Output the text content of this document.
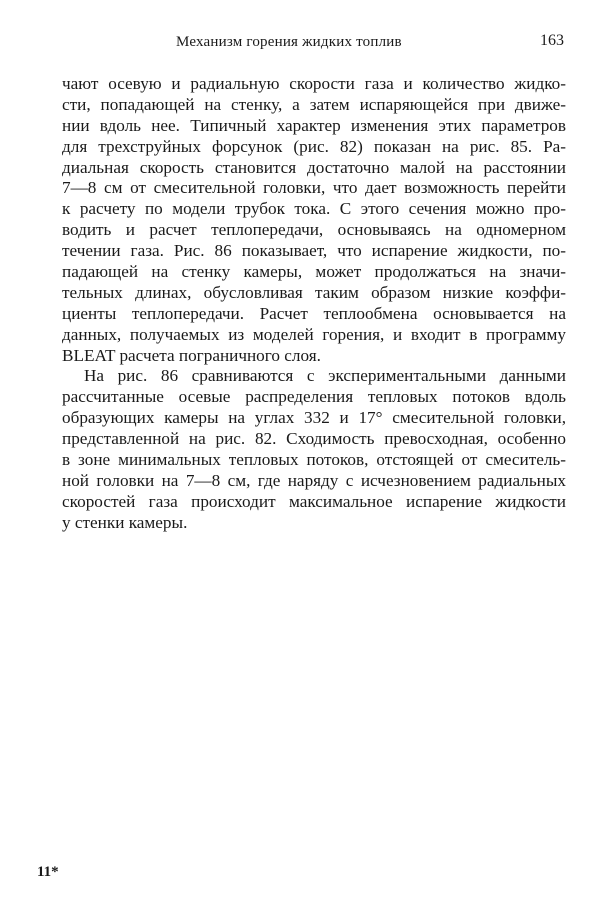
Механизм горения жидких топлив	163
чают осевую и радиальную скорости газа и количество жидко-
сти, попадающей на стенку, а затем испаряющейся при движе-
нии вдоль нее. Типичный характер изменения этих параметров
для трехструйных форсунок (рис. 82) показан на рис. 85. Ра-
диальная скорость становится достаточно малой на расстоянии
7—8 см от смесительной головки, что дает возможность перейти
к расчету по модели трубок тока. С этого сечения можно про-
водить и расчет теплопередачи, основываясь на одномерном
течении газа. Рис. 86 показывает, что испарение жидкости, по-
падающей на стенку камеры, может продолжаться на значи-
тельных длинах, обусловливая таким образом низкие коэффи-
циенты теплопередачи. Расчет теплообмена основывается на
данных, получаемых из моделей горения, и входит в программу
BLEAT расчета пограничного слоя.
На рис. 86 сравниваются с экспериментальными данными
рассчитанные осевые распределения тепловых потоков вдоль
образующих камеры на углах 332 и 17° смесительной головки,
представленной на рис. 82. Сходимость превосходная, особенно
в зоне минимальных тепловых потоков, отстоящей от смеситель-
ной головки на 7—8 см, где наряду с исчезновением радиальных
скоростей газа происходит максимальное испарение жидкости
у стенки камеры.
11*
